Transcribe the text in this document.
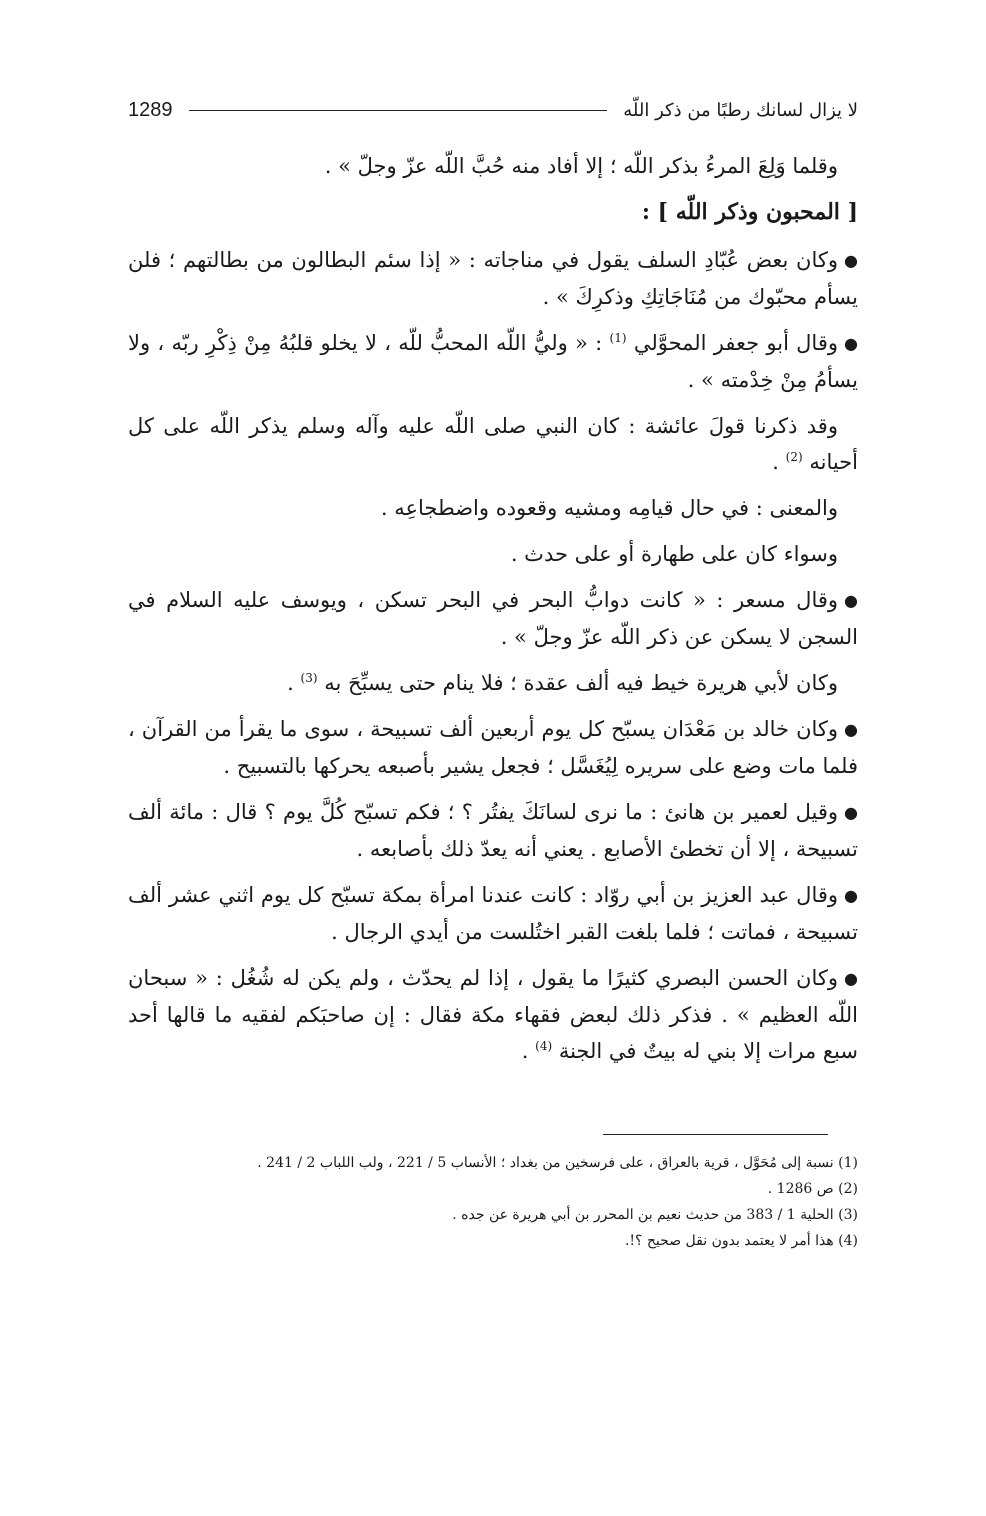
1289	لا يزال لسانك رطبًا من ذكر اللّه

وقلما وَلِعَ المرءُ بذكر اللّه ؛ إلا أفاد منه حُبَّ اللّه عزّ وجلّ » .

[ المحبون وذكر اللّه ] :

●وكان بعض عُبّادِ السلف يقول في مناجاته : « إذا سئم البطالون من بطالتهم ؛ فلن يسأم محبّوك من مُنَاجَاتِكِ وذكرِكَ » .

●وقال أبو جعفر المحوَّلي $^{(1)}$ : « وليُّ اللّه المحبُّ للّه ، لا يخلو قلبُهُ مِنْ ذِكْرِ ربّه ، ولا يسأمُ مِنْ خِدْمته » .

وقد ذكرنا قولَ عائشة : كان النبي صلى اللّه عليه وآله وسلم يذكر اللّه على كل أحيانه $^{(2)}$ .

والمعنى : في حال قيامِه ومشيه وقعوده واضطجاعِه .

وسواء كان على طهارة أو على حدث .

●وقال مسعر : « كانت دوابُّ البحر في البحر تسكن ، ويوسف عليه السلام في السجن لا يسكن عن ذكر اللّه عزّ وجلّ » .

وكان لأبي هريرة خيط فيه ألف عقدة ؛ فلا ينام حتى يسبِّحَ به $^{(3)}$ .

●وكان خالد بن مَعْدَان يسبّح كل يوم أربعين ألف تسبيحة ، سوى ما يقرأ من القرآن ، فلما مات وضع على سريره لِيُغَسَّل ؛ فجعل يشير بأصبعه يحركها بالتسبيح .

●وقيل لعمير بن هانئ : ما نرى لسانَكَ يفتُر ؟ ؛ فكم تسبّح كُلَّ يوم ؟ قال : مائة ألف تسبيحة ، إلا أن تخطئ الأصابع . يعني أنه يعدّ ذلك بأصابعه .

●وقال عبد العزيز بن أبي روّاد : كانت عندنا امرأة بمكة تسبّح كل يوم اثني عشر ألف تسبيحة ، فماتت ؛ فلما بلغت القبر اختُلست من أيدي الرجال .

●وكان الحسن البصري كثيرًا ما يقول ، إذا لم يحدّث ، ولم يكن له شُغُل : « سبحان اللّه العظيم » . فذكر ذلك لبعض فقهاء مكة فقال : إن صاحبَكم لفقيه ما قالها أحد سبع مرات إلا بني له بيتٌ في الجنة $^{(4)}$ .

(1) نسبة إلى مُحَوَّل ، قرية بالعراق ، على فرسخين من بغداد ؛ الأنساب 5 / 221 ، ولب اللباب 2 / 241 .

(2) ص 1286 .

(3) الحلية 1 / 383 من حديث نعيم بن المحرر بن أبي هريرة عن جده .

(4) هذا أمر لا يعتمد بدون نقل صحيح ؟!.
